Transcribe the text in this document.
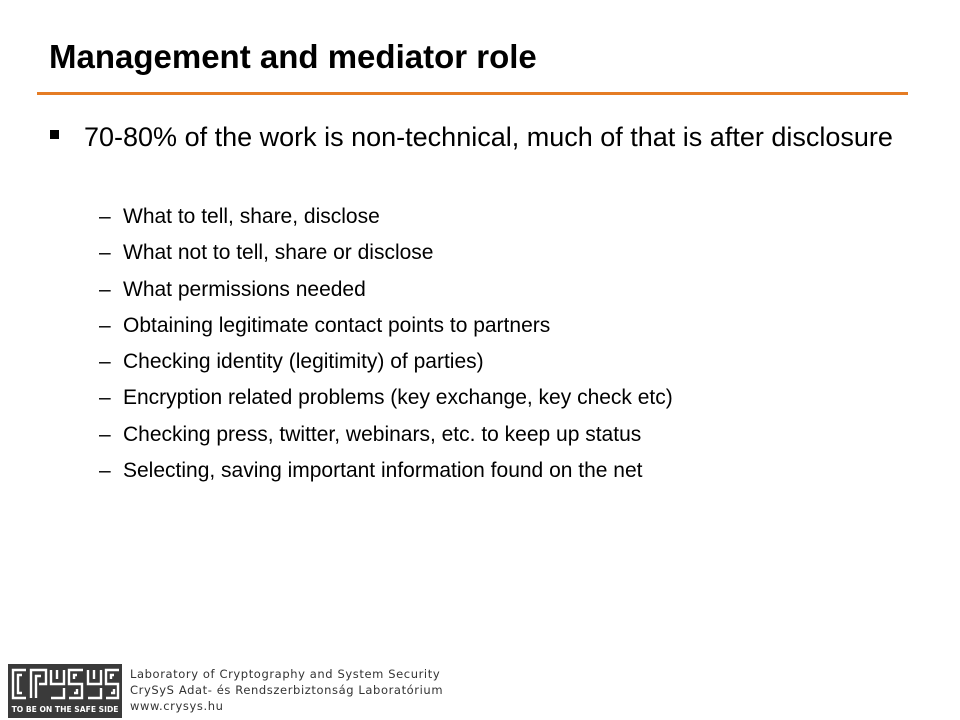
Management and mediator role
70-80% of the work is non-technical, much of that is after disclosure
– What to tell, share, disclose
– What not to tell, share or disclose
– What permissions needed
– Obtaining legitimate contact points to partners
– Checking identity (legitimity) of parties)
– Encryption related problems (key exchange, key check etc)
– Checking press, twitter, webinars, etc. to keep up status
– Selecting, saving important information found on the net
TO BE ON THE SAFE SIDE
Laboratory of Cryptography and System Security
CrySyS Adat- és Rendszerbiztonság Laboratórium
www.crysys.hu
